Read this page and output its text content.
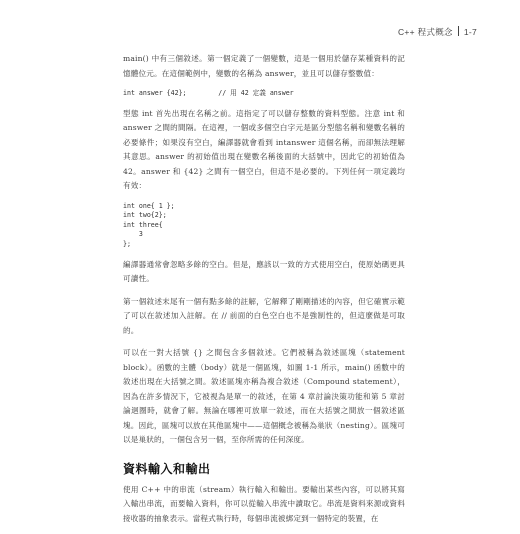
C++ 程式概念 1-7

main() 中有三個敘述。第一個定義了一個變數，這是一個用於儲存某種資料的記憶體位元。在這個範例中，變數的名稱為 answer，並且可以儲存整數值：

int answer {42};        // 用 42 定義 answer

型態 int 首先出現在名稱之前。這指定了可以儲存整數的資料型態。注意 int 和 answer 之間的間隔。在這裡，一個或多個空白字元是區分型態名稱和變數名稱的必要條件；如果沒有空白，編譯器就會看到 intanswer 這個名稱，而卻無法理解其意思。answer 的初始值出現在變數名稱後面的大括號中，因此它的初始值為 42。answer 和 {42} 之間有一個空白，但這不是必要的。下列任何一項定義均有效：

int one{ 1 };
int two{2};
int three{
3
};

編譯器通常會忽略多餘的空白。但是，應該以一致的方式使用空白，使原始碼更具可讀性。

第一個敘述末尾有一個有點多餘的註解，它解釋了剛剛描述的內容，但它確實示範了可以在敘述加入註解。在 // 前面的白色空白也不是強制性的，但這麼做是可取的。

可以在一對大括號 {} 之間包含多個敘述。它們被稱為敘述區塊（statement block）。函數的主體（body）就是一個區塊，如圖 1-1 所示，main() 函數中的敘述出現在大括號之間。敘述區塊亦稱為複合敘述（Compound statement），因為在許多情況下，它被視為是單一的敘述，在第 4 章討論決策功能和第 5 章討論迴圈時，就會了解。無論在哪裡可放單一敘述，而在大括號之間放一個敘述區塊。因此，區塊可以放在其他區塊中——這個概念被稱為巢狀（nesting）。區塊可以是巢狀的，一個包含另一個，至你所需的任何深度。

資料輸入和輸出

使用 C++ 中的串流（stream）執行輸入和輸出。要輸出某些內容，可以將其寫入輸出串流，而要輸入資料，你可以從輸入串流中讀取它。串流是資料來源或資料接收器的抽象表示。當程式執行時，每個串流被綁定到一個特定的裝置，在
